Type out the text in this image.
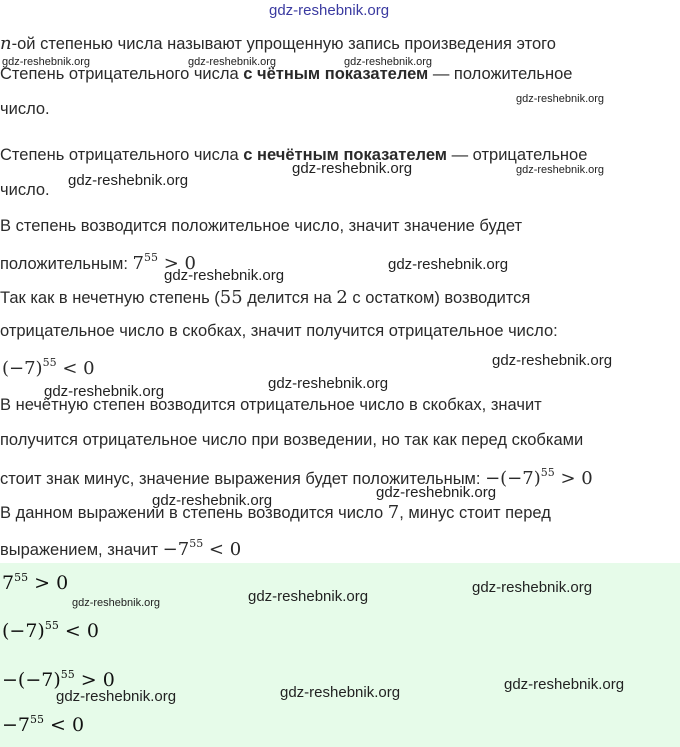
gdz-reshebnik.org
n-ой степенью числа называют упрощенную запись произведения этого
Степень отрицательного числа с чётным показателем — положительное
число.
Степень отрицательного числа с нечётным показателем — отрицательное
число.
В степень возводится положительное число, значит значение будет
положительным: $7^{55} > 0$
Так как в нечетную степень (55 делится на 2 с остатком) возводится
отрицательное число в скобках, значит получится отрицательное число:
$(-7)^{55} < 0$
В нечётную степен возводится отрицательное число в скобках, значит
получится отрицательное число при возведении, но так как перед скобками
стоит знак минус, значение выражения будет положительным: $-(-7)^{55} > 0$
В данном выражении в степень возводится число 7, минус стоит перед
выражением, значит $-7^{55} < 0$
$7^{55} > 0$
$(-7)^{55} < 0$
$-(-7)^{55} > 0$
$-7^{55} < 0$
gdz-reshebnik.org	gdz-reshebnik.org	gdz-reshebnik.org
gdz-reshebnik.org
gdz-reshebnik.org	gdz-reshebnik.org
gdz-reshebnik.org
gdz-reshebnik.org
gdz-reshebnik.org
gdz-reshebnik.org
gdz-reshebnik.org
gdz-reshebnik.org
gdz-reshebnik.org
gdz-reshebnik.org
gdz-reshebnik.org
gdz-reshebnik.org
gdz-reshebnik.org
gdz-reshebnik.org
gdz-reshebnik.org
gdz-reshebnik.org
